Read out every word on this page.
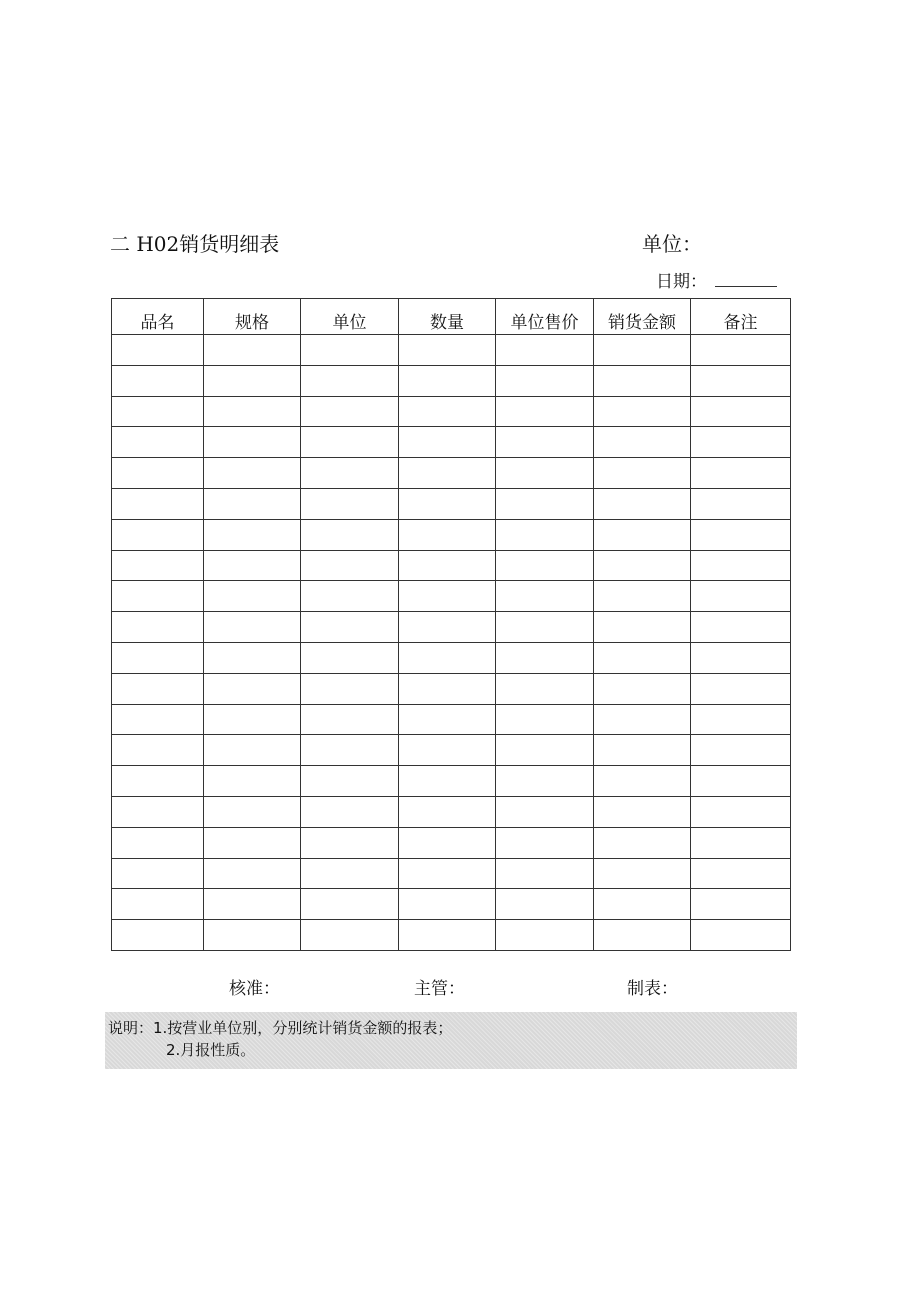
二 H02销货明细表	单位：
日期：
品名	规格	单位	数量	单位售价	销货金额	备注

核准：	主管：	制表：
说明：1.按营业单位别，分别统计销货金额的报表；
2.月报性质。
